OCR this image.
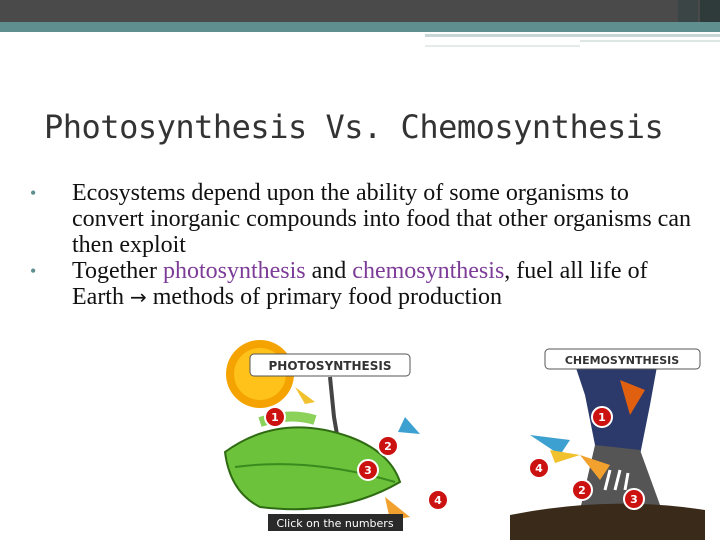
Photosynthesis Vs. Chemosynthesis
•	Ecosystems depend upon the ability of some organisms to convert inorganic compounds into food that other organisms can then exploit
•	Together photosynthesis and chemosynthesis, fuel all life of Earth → methods of primary food production
PHOTOSYNTHESIS
1
2
3
4
Click on the numbers
CHEMOSYNTHESIS
1
4
2
3
